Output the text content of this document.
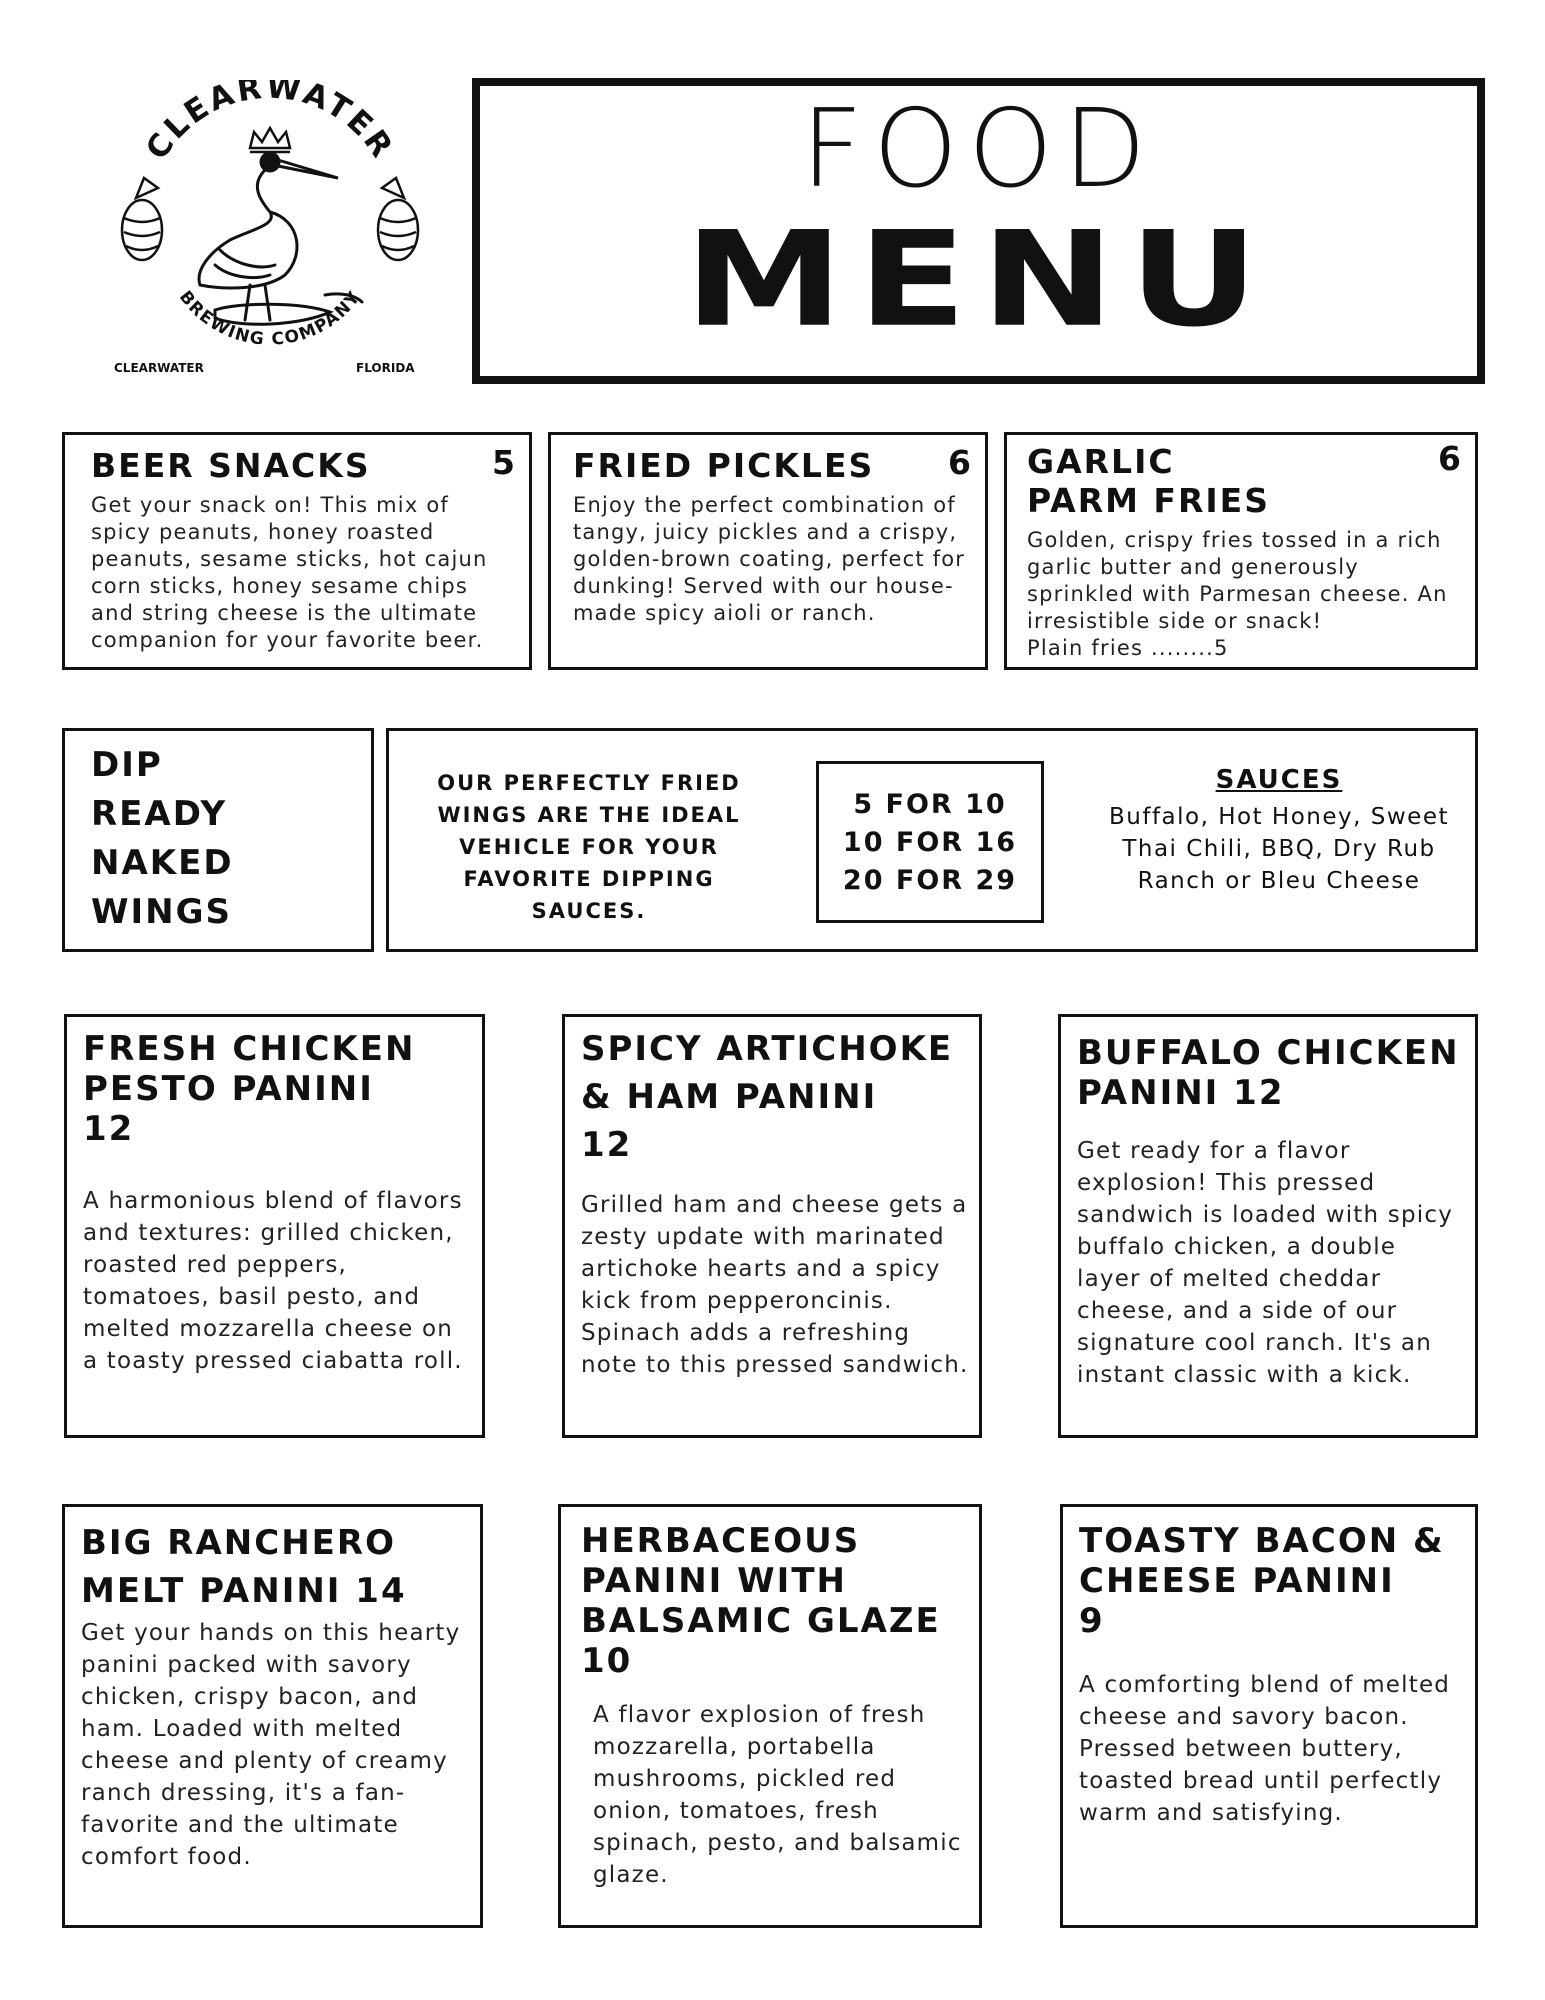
CLEARWATER
BREWING COMPANY
CLEARWATER	FLORIDA
FOOD
MENU
BEER SNACKS	5
Get your snack on! This mix of spicy peanuts, honey roasted peanuts, sesame sticks, hot cajun corn sticks, honey sesame chips and string cheese is the ultimate companion for your favorite beer.
FRIED PICKLES	6
Enjoy the perfect combination of tangy, juicy pickles and a crispy, golden-brown coating, perfect for dunking! Served with our house-made spicy aioli or ranch.
GARLIC
PARM FRIES
6
Golden, crispy fries tossed in a rich garlic butter and generously sprinkled with Parmesan cheese. An irresistible side or snack!
Plain fries ........5
DIP
READY
NAKED
WINGS
OUR PERFECTLY FRIED
WINGS ARE THE IDEAL
VEHICLE FOR YOUR
FAVORITE DIPPING SAUCES.
5 FOR 10
10 FOR 16
20 FOR 29
SAUCES
Buffalo, Hot Honey, Sweet
Thai Chili, BBQ, Dry Rub
Ranch or Bleu Cheese
FRESH CHICKEN
PESTO PANINI
12
A harmonious blend of flavors and textures: grilled chicken, roasted red peppers, tomatoes, basil pesto, and melted mozzarella cheese on a toasty pressed ciabatta roll.
SPICY ARTICHOKE
& HAM PANINI
12
Grilled ham and cheese gets a zesty update with marinated artichoke hearts and a spicy kick from pepperoncinis. Spinach adds a refreshing note to this pressed sandwich.
BUFFALO CHICKEN
PANINI 12
Get ready for a flavor explosion! This pressed sandwich is loaded with spicy buffalo chicken, a double layer of melted cheddar cheese, and a side of our signature cool ranch. It's an instant classic with a kick.
BIG RANCHERO
MELT PANINI 14
Get your hands on this hearty panini packed with savory chicken, crispy bacon, and ham. Loaded with melted cheese and plenty of creamy ranch dressing, it's a fan-favorite and the ultimate comfort food.
HERBACEOUS
PANINI WITH
BALSAMIC GLAZE
10
A flavor explosion of fresh mozzarella, portabella mushrooms, pickled red onion, tomatoes, fresh spinach, pesto, and balsamic glaze.
TOASTY BACON &
CHEESE PANINI
9
A comforting blend of melted cheese and savory bacon. Pressed between buttery, toasted bread until perfectly warm and satisfying.
